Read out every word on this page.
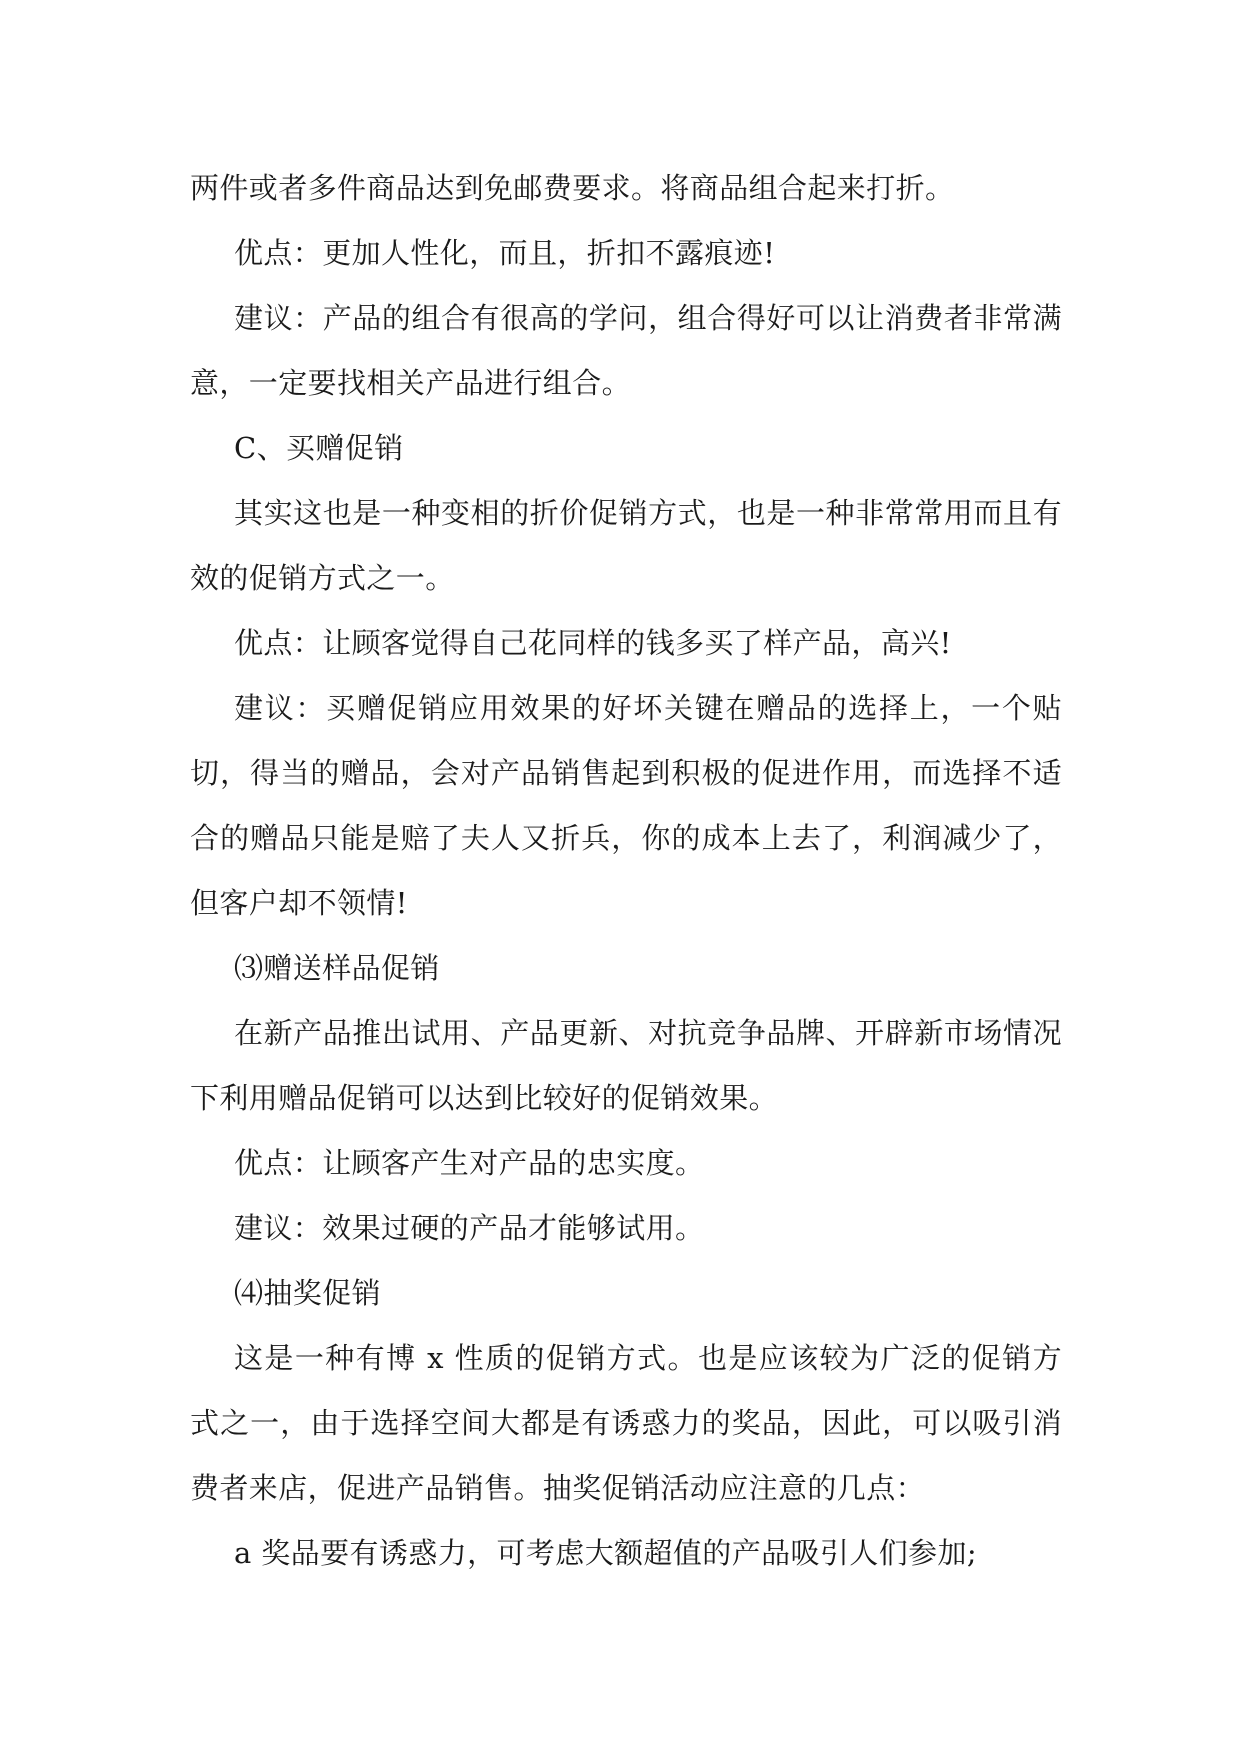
两件或者多件商品达到免邮费要求。将商品组合起来打折。

优点：更加人性化，而且，折扣不露痕迹!

建议：产品的组合有很高的学问，组合得好可以让消费者非常满意，一定要找相关产品进行组合。

C、买赠促销

其实这也是一种变相的折价促销方式，也是一种非常常用而且有效的促销方式之一。

优点：让顾客觉得自己花同样的钱多买了样产品，高兴!

建议：买赠促销应用效果的好坏关键在赠品的选择上，一个贴切，得当的赠品，会对产品销售起到积极的促进作用，而选择不适合的赠品只能是赔了夫人又折兵，你的成本上去了，利润减少了，但客户却不领情!

⑶赠送样品促销

在新产品推出试用、产品更新、对抗竞争品牌、开辟新市场情况下利用赠品促销可以达到比较好的促销效果。

优点：让顾客产生对产品的忠实度。

建议：效果过硬的产品才能够试用。

⑷抽奖促销

这是一种有博 x 性质的促销方式。也是应该较为广泛的促销方式之一，由于选择空间大都是有诱惑力的奖品，因此，可以吸引消费者来店，促进产品销售。抽奖促销活动应注意的几点：

a 奖品要有诱惑力，可考虑大额超值的产品吸引人们参加;
